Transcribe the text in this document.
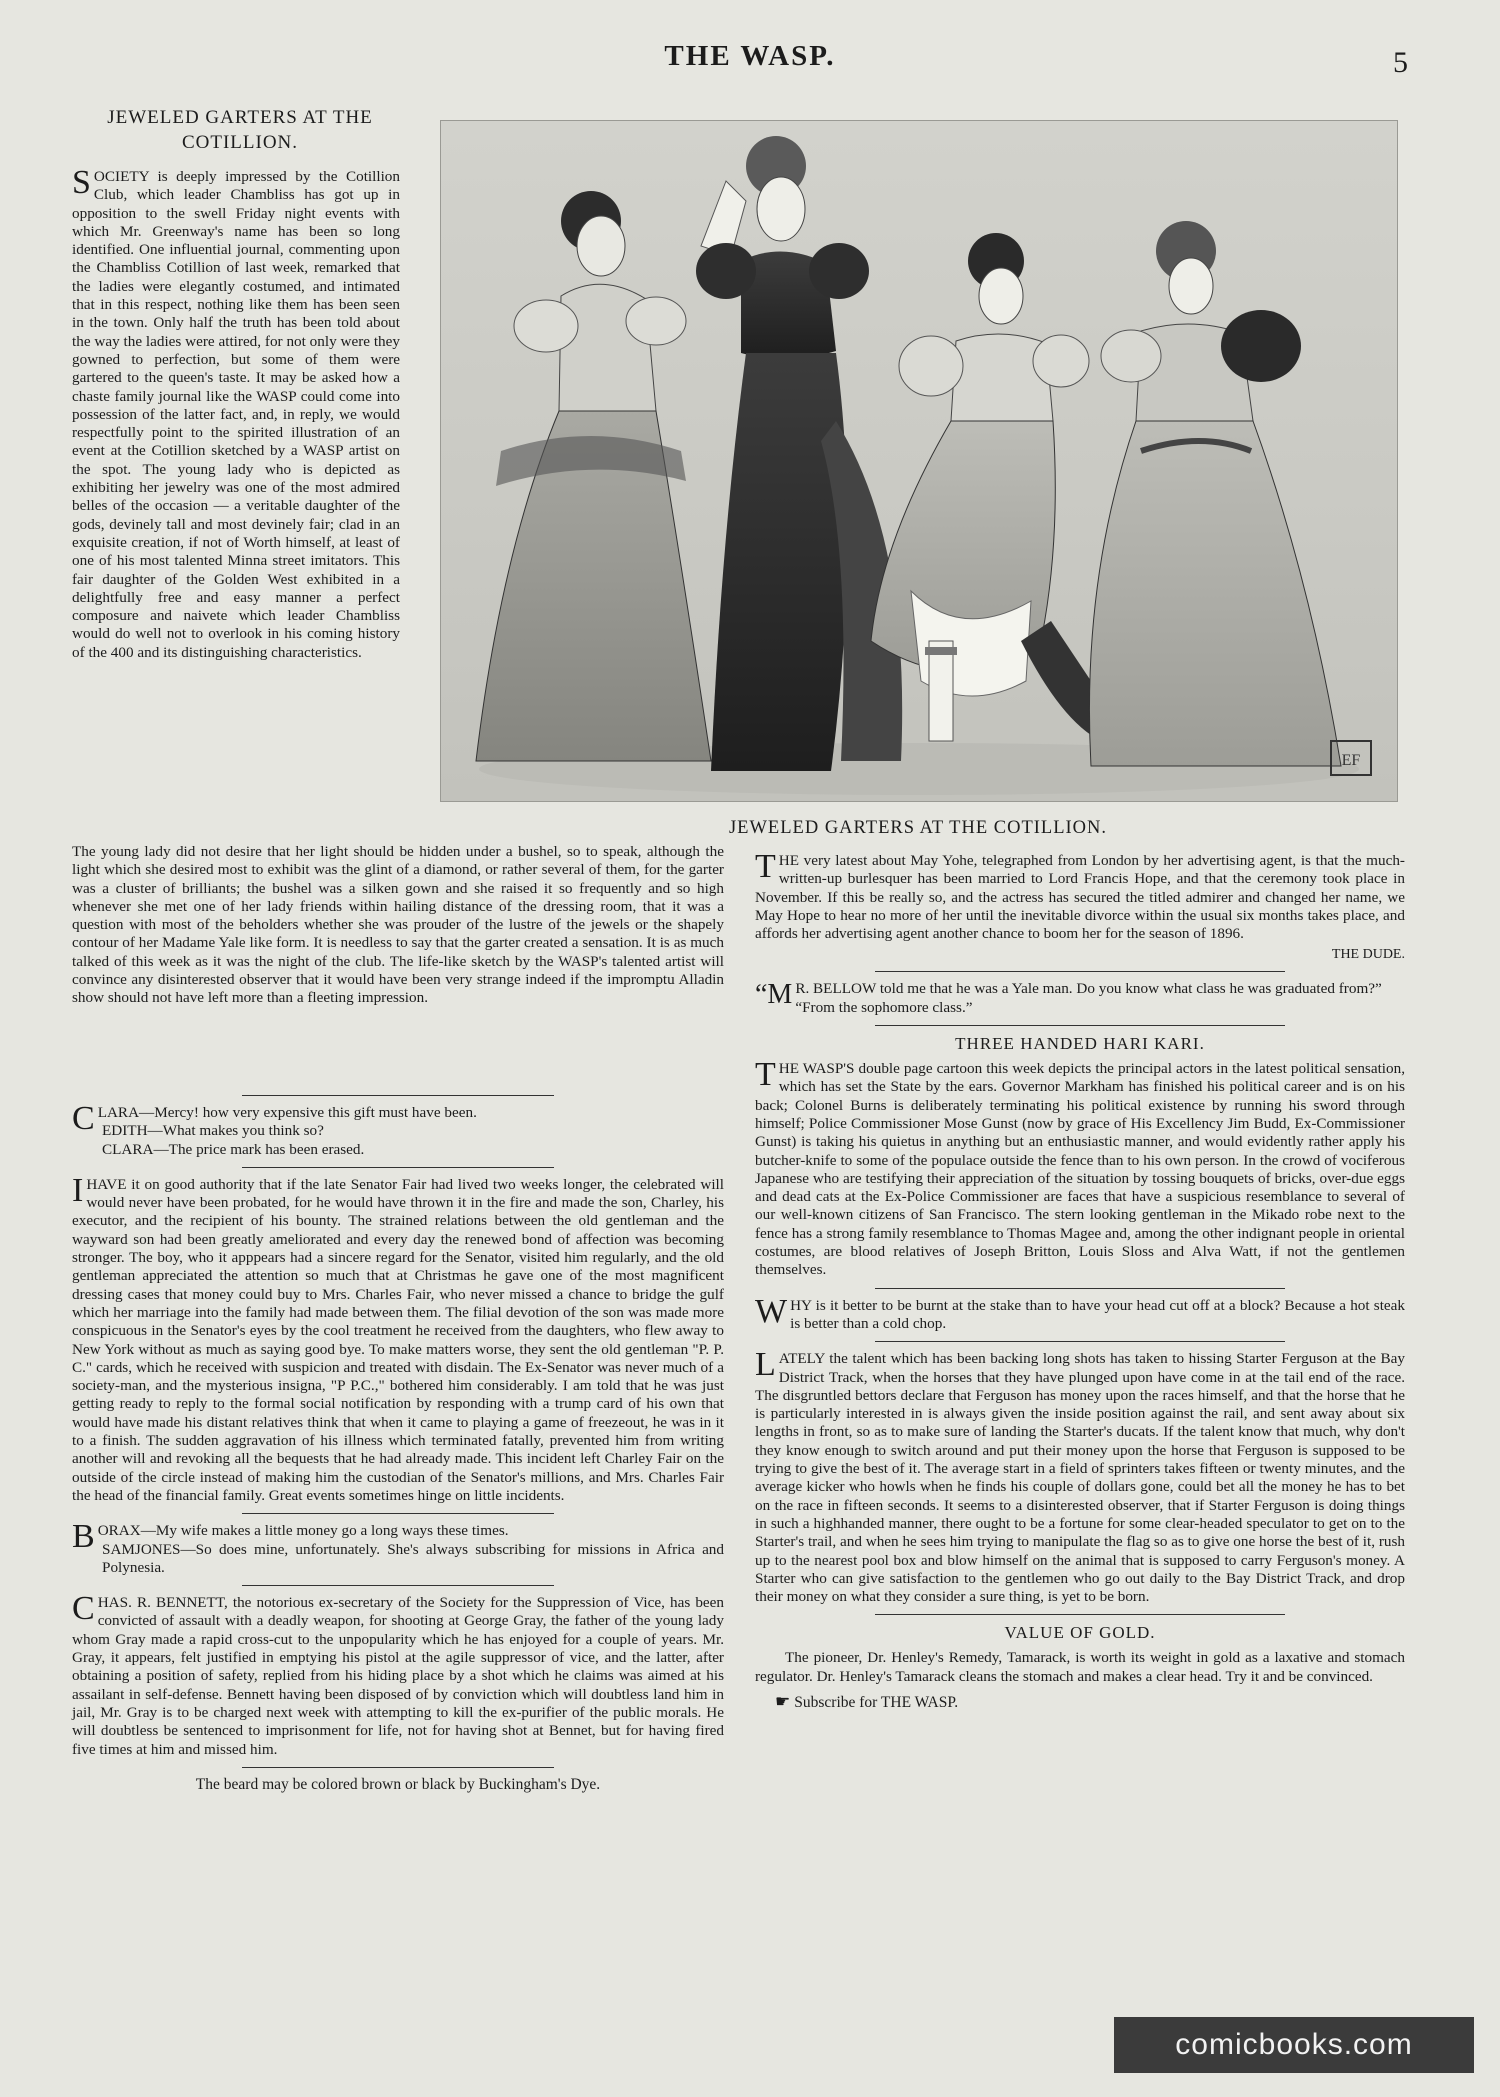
THE WASP.	5
JEWELED GARTERS AT THE COTILLION.

SOCIETY is deeply impressed by the Cotillion Club, which leader Chambliss has got up in opposition to the swell Friday night events with which Mr. Greenway's name has been so long identified. One influential journal, commenting upon the Chambliss Cotillion of last week, remarked that the ladies were elegantly costumed, and intimated that in this respect, nothing like them has been seen in the town. Only half the truth has been told about the way the ladies were attired, for not only were they gowned to perfection, but some of them were gartered to the queen's taste. It may be asked how a chaste family journal like the WASP could come into possession of the latter fact, and, in reply, we would respectfully point to the spirited illustration of an event at the Cotillion sketched by a WASP artist on the spot. The young lady who is depicted as exhibiting her jewelry was one of the most admired belles of the occasion — a veritable daughter of the gods, devinely tall and most devinely fair; clad in an exquisite creation, if not of Worth himself, at least of one of his most talented Minna street imitators. This fair daughter of the Golden West exhibited in a delightfully free and easy manner a perfect composure and naivete which leader Chambliss would do well not to overlook in his coming history of the 400 and its distinguishing characteristics.

The young lady did not desire that her light should be hidden under a bushel, so to speak, although the light which she desired most to exhibit was the glint of a diamond, or rather several of them, for the garter was a cluster of brilliants; the bushel was a silken gown and she raised it so frequently and so high whenever she met one of her lady friends within hailing distance of the dressing room, that it was a question with most of the beholders whether she was prouder of the lustre of the jewels or the shapely contour of her Madame Yale like form. It is needless to say that the garter created a sensation. It is as much talked of this week as it was the night of the club. The life-like sketch by the WASP's talented artist will convince any disinterested observer that it would have been very strange indeed if the impromptu Alladin show should not have left more than a fleeting impression.

EF
JEWELED GARTERS AT THE COTILLION.

THE very latest about May Yohe, telegraphed from London by her advertising agent, is that the much-written-up burlesquer has been married to Lord Francis Hope, and that the ceremony took place in November. If this be really so, and the actress has secured the titled admirer and changed her name, we May Hope to hear no more of her until the inevitable divorce within the usual six months takes place, and affords her advertising agent another chance to boom her for the season of 1896.

THE DUDE.

“M R. BELLOW told me that he was a Yale man. Do you know what class he was graduated from?”

“From the sophomore class.”

THREE HANDED HARI KARI.

THE WASP'S double page cartoon this week depicts the principal actors in the latest political sensation, which has set the State by the ears. Governor Markham has finished his political career and is on his back; Colonel Burns is deliberately terminating his political existence by running his sword through himself; Police Commissioner Mose Gunst (now by grace of His Excellency Jim Budd, Ex-Commissioner Gunst) is taking his quietus in anything but an enthusiastic manner, and would evidently rather apply his butcher-knife to some of the populace outside the fence than to his own person. In the crowd of vociferous Japanese who are testifying their appreciation of the situation by tossing bouquets of bricks, over-due eggs and dead cats at the Ex-Police Commissioner are faces that have a suspicious resemblance to several of our well-known citizens of San Francisco. The stern looking gentleman in the Mikado robe next to the fence has a strong family resemblance to Thomas Magee and, among the other indignant people in oriental costumes, are blood relatives of Joseph Britton, Louis Sloss and Alva Watt, if not the gentlemen themselves.

WHY is it better to be burnt at the stake than to have your head cut off at a block? Because a hot steak is better than a cold chop.

LATELY the talent which has been backing long shots has taken to hissing Starter Ferguson at the Bay District Track, when the horses that they have plunged upon have come in at the tail end of the race. The disgruntled bettors declare that Ferguson has money upon the races himself, and that the horse that he is particularly interested in is always given the inside position against the rail, and sent away about six lengths in front, so as to make sure of landing the Starter's ducats. If the talent know that much, why don't they know enough to switch around and put their money upon the horse that Ferguson is supposed to be trying to give the best of it. The average start in a field of sprinters takes fifteen or twenty minutes, and the average kicker who howls when he finds his couple of dollars gone, could bet all the money he has to bet on the race in fifteen seconds. It seems to a disinterested observer, that if Starter Ferguson is doing things in such a highhanded manner, there ought to be a fortune for some clear-headed speculator to get on to the Starter's trail, and when he sees him trying to manipulate the flag so as to give one horse the best of it, rush up to the nearest pool box and blow himself on the animal that is supposed to carry Ferguson's money. A Starter who can give satisfaction to the gentlemen who go out daily to the Bay District Track, and drop their money on what they consider a sure thing, is yet to be born.

VALUE OF GOLD.

The pioneer, Dr. Henley's Remedy, Tamarack, is worth its weight in gold as a laxative and stomach regulator. Dr. Henley's Tamarack cleans the stomach and makes a clear head. Try it and be convinced.

☛ Subscribe for THE WASP.

CLARA—Mercy! how very expensive this gift must have been.

EDITH—What makes you think so?

CLARA—The price mark has been erased.

IHAVE it on good authority that if the late Senator Fair had lived two weeks longer, the celebrated will would never have been probated, for he would have thrown it in the fire and made the son, Charley, his executor, and the recipient of his bounty. The strained relations between the old gentleman and the wayward son had been greatly ameliorated and every day the renewed bond of affection was becoming stronger. The boy, who it apppears had a sincere regard for the Senator, visited him regularly, and the old gentleman appreciated the attention so much that at Christmas he gave one of the most magnificent dressing cases that money could buy to Mrs. Charles Fair, who never missed a chance to bridge the gulf which her marriage into the family had made between them. The filial devotion of the son was made more conspicuous in the Senator's eyes by the cool treatment he received from the daughters, who flew away to New York without as much as saying good bye. To make matters worse, they sent the old gentleman "P. P. C." cards, which he received with suspicion and treated with disdain. The Ex-Senator was never much of a society-man, and the mysterious insigna, "P P.C.," bothered him considerably. I am told that he was just getting ready to reply to the formal social notification by responding with a trump card of his own that would have made his distant relatives think that when it came to playing a game of freezeout, he was in it to a finish. The sudden aggravation of his illness which terminated fatally, prevented him from writing another will and revoking all the bequests that he had already made. This incident left Charley Fair on the outside of the circle instead of making him the custodian of the Senator's millions, and Mrs. Charles Fair the head of the financial family. Great events sometimes hinge on little incidents.

BORAX—My wife makes a little money go a long ways these times.

SAMJONES—So does mine, unfortunately. She's always subscribing for missions in Africa and Polynesia.

CHAS. R. BENNETT, the notorious ex-secretary of the Society for the Suppression of Vice, has been convicted of assault with a deadly weapon, for shooting at George Gray, the father of the young lady whom Gray made a rapid cross-cut to the unpopularity which he has enjoyed for a couple of years. Mr. Gray, it appears, felt justified in emptying his pistol at the agile suppressor of vice, and the latter, after obtaining a position of safety, replied from his hiding place by a shot which he claims was aimed at his assailant in self-defense. Bennett having been disposed of by conviction which will doubtless land him in jail, Mr. Gray is to be charged next week with attempting to kill the ex-purifier of the public morals. He will doubtless be sentenced to imprisonment for life, not for having shot at Bennet, but for having fired five times at him and missed him.

The beard may be colored brown or black by Buckingham's Dye.
comicbooks.com
